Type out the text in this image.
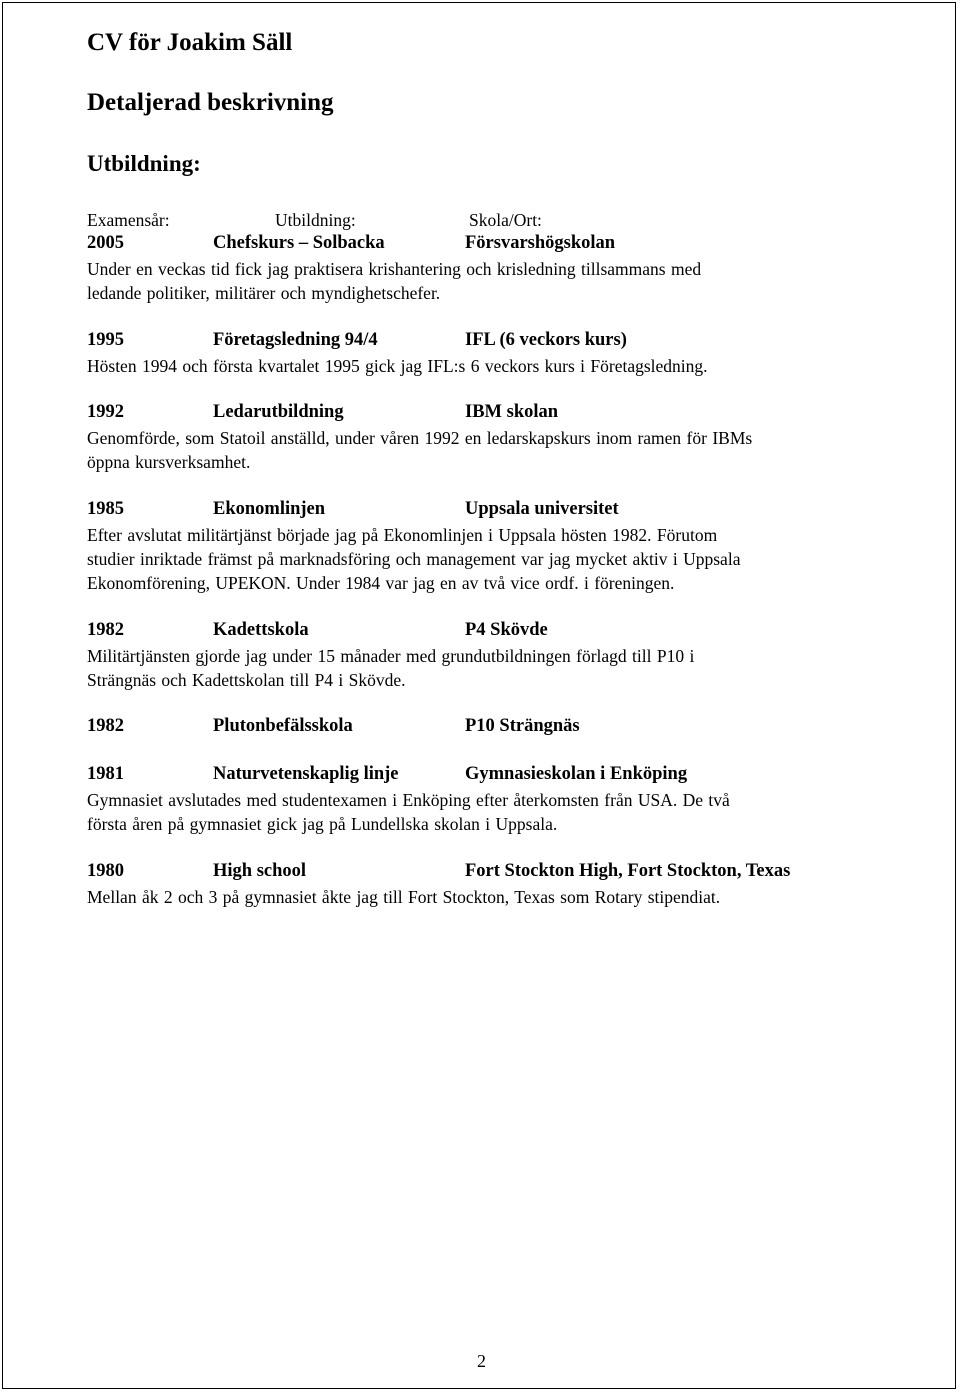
CV för Joakim Säll
Detaljerad beskrivning
Utbildning:
Examensår:	Utbildning:	Skola/Ort:
2005	Chefskurs – Solbacka	Försvarshögskolan

Under en veckas tid fick jag praktisera krishantering och krisledning tillsammans med
ledande politiker, militärer och myndighetschefer.

1995	Företagsledning 94/4	IFL (6 veckors kurs)

Hösten 1994 och första kvartalet 1995 gick jag IFL:s 6 veckors kurs i Företagsledning.

1992	Ledarutbildning	IBM skolan

Genomförde, som Statoil anställd, under våren 1992 en ledarskapskurs inom ramen för IBMs
öppna kursverksamhet.

1985	Ekonomlinjen	Uppsala universitet

Efter avslutat militärtjänst började jag på Ekonomlinjen i Uppsala hösten 1982. Förutom
studier inriktade främst på marknadsföring och management var jag mycket aktiv i Uppsala
Ekonomförening, UPEKON. Under 1984 var jag en av två vice ordf. i föreningen.

1982	Kadettskola	P4 Skövde

Militärtjänsten gjorde jag under 15 månader med grundutbildningen förlagd till P10 i
Strängnäs och Kadettskolan till P4 i Skövde.

1982	Plutonbefälsskola	P10 Strängnäs
1981	Naturvetenskaplig linje	Gymnasieskolan i Enköping

Gymnasiet avslutades med studentexamen i Enköping efter återkomsten från USA. De två
första åren på gymnasiet gick jag på Lundellska skolan i Uppsala.

1980	High school	Fort Stockton High, Fort Stockton, Texas

Mellan åk 2 och 3 på gymnasiet åkte jag till Fort Stockton, Texas som Rotary stipendiat.

2
